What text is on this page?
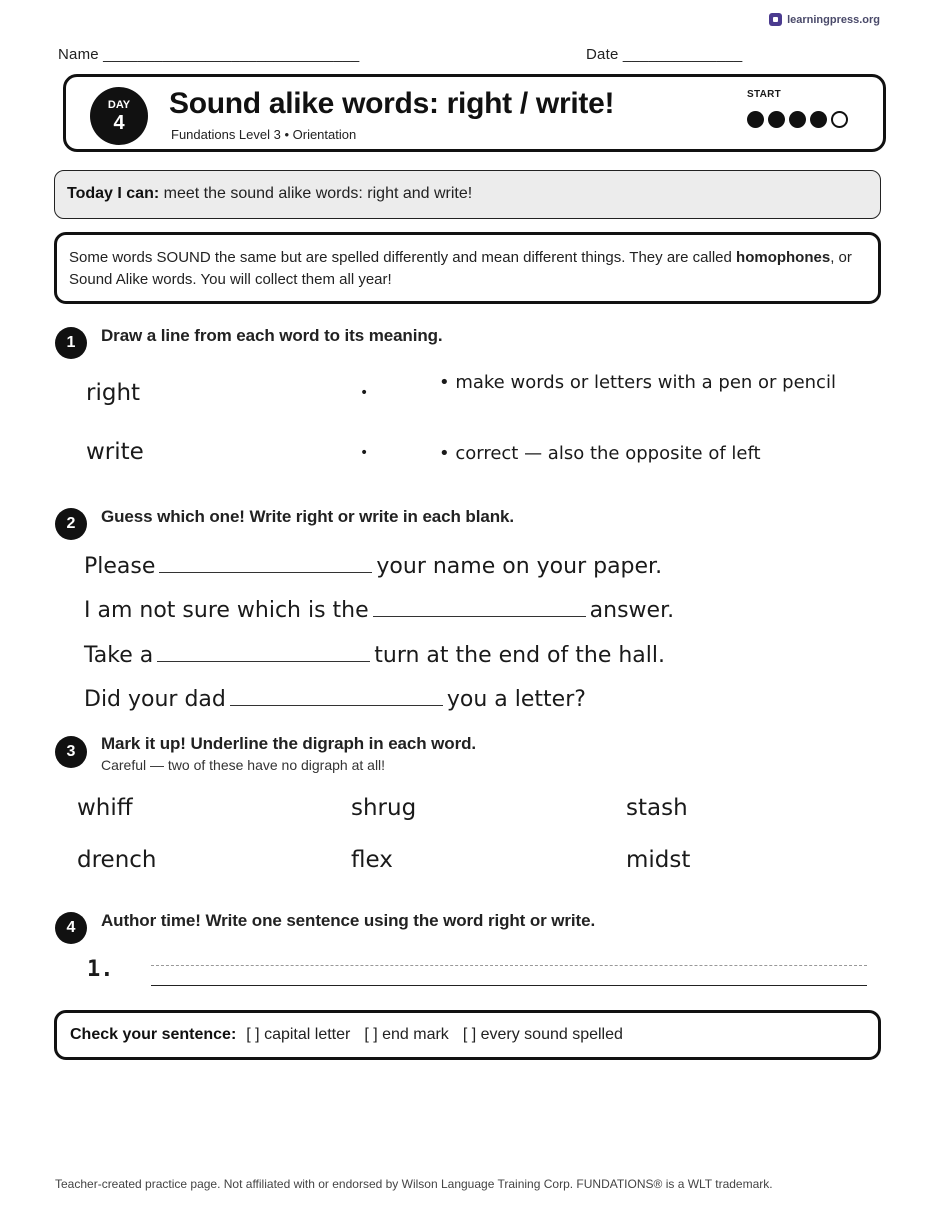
learningpress.org
Name ______________________________	Date ______________
DAY
4
Sound alike words: right / write!
Fundations Level 3 • Orientation
START
Today I can: meet the sound alike words: right and write!
Some words SOUND the same but are spelled differently and mean different things. They are called homophones, or Sound Alike words. You will collect them all year!
1	Draw a line from each word to its meaning.
right	•	• make words or letters with a pen or pencil
write	•	• correct — also the opposite of left
2	Guess which one! Write right or write in each blank.
Please	your name on your paper.
I am not sure which is the	answer.
Take a	turn at the end of the hall.
Did your dad	you a letter?
3	Mark it up! Underline the digraph in each word.
Careful — two of these have no digraph at all!
whiff	shrug	stash
drench	flex	midst
4	Author time! Write one sentence using the word right or write.
1.
Check your sentence: [ ] capital letter [ ] end mark [ ] every sound spelled
Teacher-created practice page. Not affiliated with or endorsed by Wilson Language Training Corp. FUNDATIONS® is a WLT trademark.
